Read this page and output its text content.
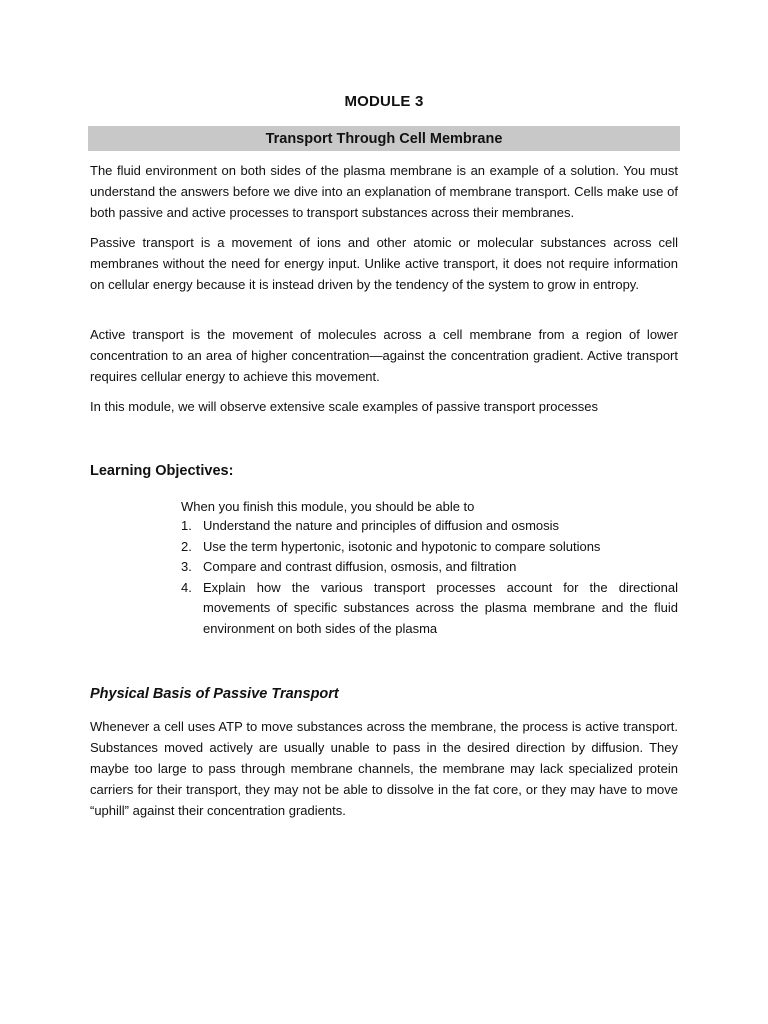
MODULE 3
Transport Through Cell Membrane

The fluid environment on both sides of the plasma membrane is an example of a solution. You must understand the answers before we dive into an explanation of membrane transport. Cells make use of both passive and active processes to transport substances across their membranes.

Passive transport is a movement of ions and other atomic or molecular substances across cell membranes without the need for energy input. Unlike active transport, it does not require information on cellular energy because it is instead driven by the tendency of the system to grow in entropy.

Active transport is the movement of molecules across a cell membrane from a region of lower concentration to an area of higher concentration—against the concentration gradient. Active transport requires cellular energy to achieve this movement.

In this module, we will observe extensive scale examples of passive transport processes

Learning Objectives:
When you finish this module, you should be able to
1. Understand the nature and principles of diffusion and osmosis
2. Use the term hypertonic, isotonic and hypotonic to compare solutions
3. Compare and contrast diffusion, osmosis, and filtration
4. Explain how the various transport processes account for the directional movements of specific substances across the plasma membrane and the fluid environment on both sides of the plasma
Physical Basis of Passive Transport

Whenever a cell uses ATP to move substances across the membrane, the process is active transport. Substances moved actively are usually unable to pass in the desired direction by diffusion. They maybe too large to pass through membrane channels, the membrane may lack specialized protein carriers for their transport, they may not be able to dissolve in the fat core, or they may have to move “uphill” against their concentration gradients.
